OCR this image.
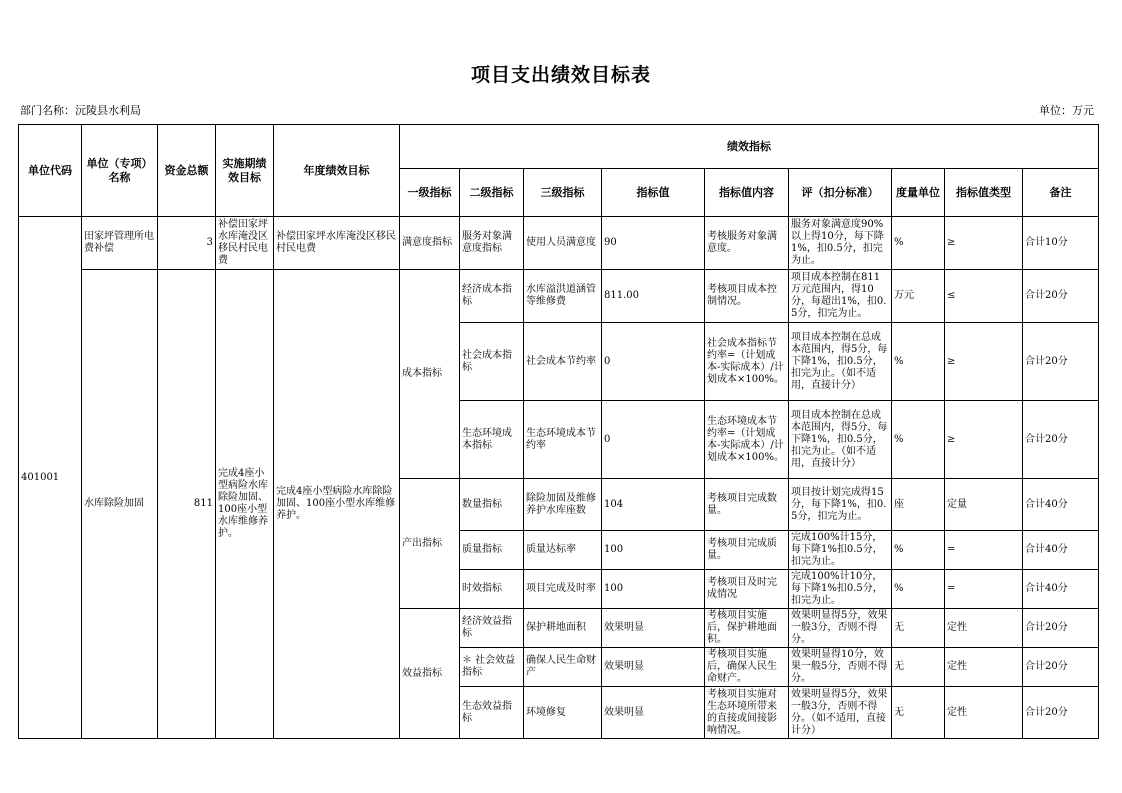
项目支出绩效目标表
部门名称：沅陵县水利局	单位：万元
单位代码	单位（专项）名称	资金总额	实施期绩效目标	年度绩效目标	绩效指标								
					一级指标	二级指标	三级指标	指标值	指标值内容	评（扣分标准）	度量单位	指标值类型	备注
401001	田家坪管理所电费补偿	3	补偿田家坪水库淹没区移民村民电费	补偿田家坪水库淹没区移民村民电费	满意度指标	服务对象满意度指标	使用人员满意度	90	考核服务对象满意度。	服务对象满意度90%以上得10分，每下降1%，扣0.5分，扣完为止。	%	≥	合计10分
	水库除险加固	811	完成4座小型病险水库除险加固、100座小型水库维修养护。	完成4座小型病险水库除险加固、100座小型水库维修养护。	成本指标	经济成本指标	水库溢洪道涵管等维修费	811.00	考核项目成本控制情况。	项目成本控制在811万元范围内，得10分，每超出1%，扣0.5分，扣完为止。	万元	≤	合计20分
						社会成本指标	社会成本节约率	0	社会成本指标节约率=（计划成本-实际成本）/计划成本×100%。	项目成本控制在总成本范围内，得5分，每下降1%，扣0.5分，扣完为止。（如不适用，直接计分）	%	≥	合计20分
						生态环境成本指标	生态环境成本节约率	0	生态环境成本节约率=（计划成本-实际成本）/计划成本×100%。	项目成本控制在总成本范围内，得5分，每下降1%，扣0.5分，扣完为止。（如不适用，直接计分）	%	≥	合计20分
					产出指标	数量指标	除险加固及维修养护水库座数	104	考核项目完成数量。	项目按计划完成得15分，每下降1%，扣0.5分，扣完为止。	座	定量	合计40分
						质量指标	质量达标率	100	考核项目完成质量。	完成100%计15分，每下降1%扣0.5分，扣完为止。	%	=	合计40分
						时效指标	项目完成及时率	100	考核项目及时完成情况	完成100%计10分，每下降1%扣0.5分，扣完为止。	%	=	合计40分
					效益指标	经济效益指标	保护耕地面积	效果明显	考核项目实施后，保护耕地面积。	效果明显得5分，效果一般3分，否则不得分。	无	定性	合计20分
						＊ 社会效益指标	确保人民生命财产	效果明显	考核项目实施后，确保人民生命财产。	效果明显得10分，效果一般5分，否则不得分。	无	定性	合计20分
						生态效益指标	环境修复	效果明显	考核项目实施对生态环境所带来的直接或间接影响情况。	效果明显得5分，效果一般3分，否则不得分。（如不适用，直接计分）	无	定性	合计20分
